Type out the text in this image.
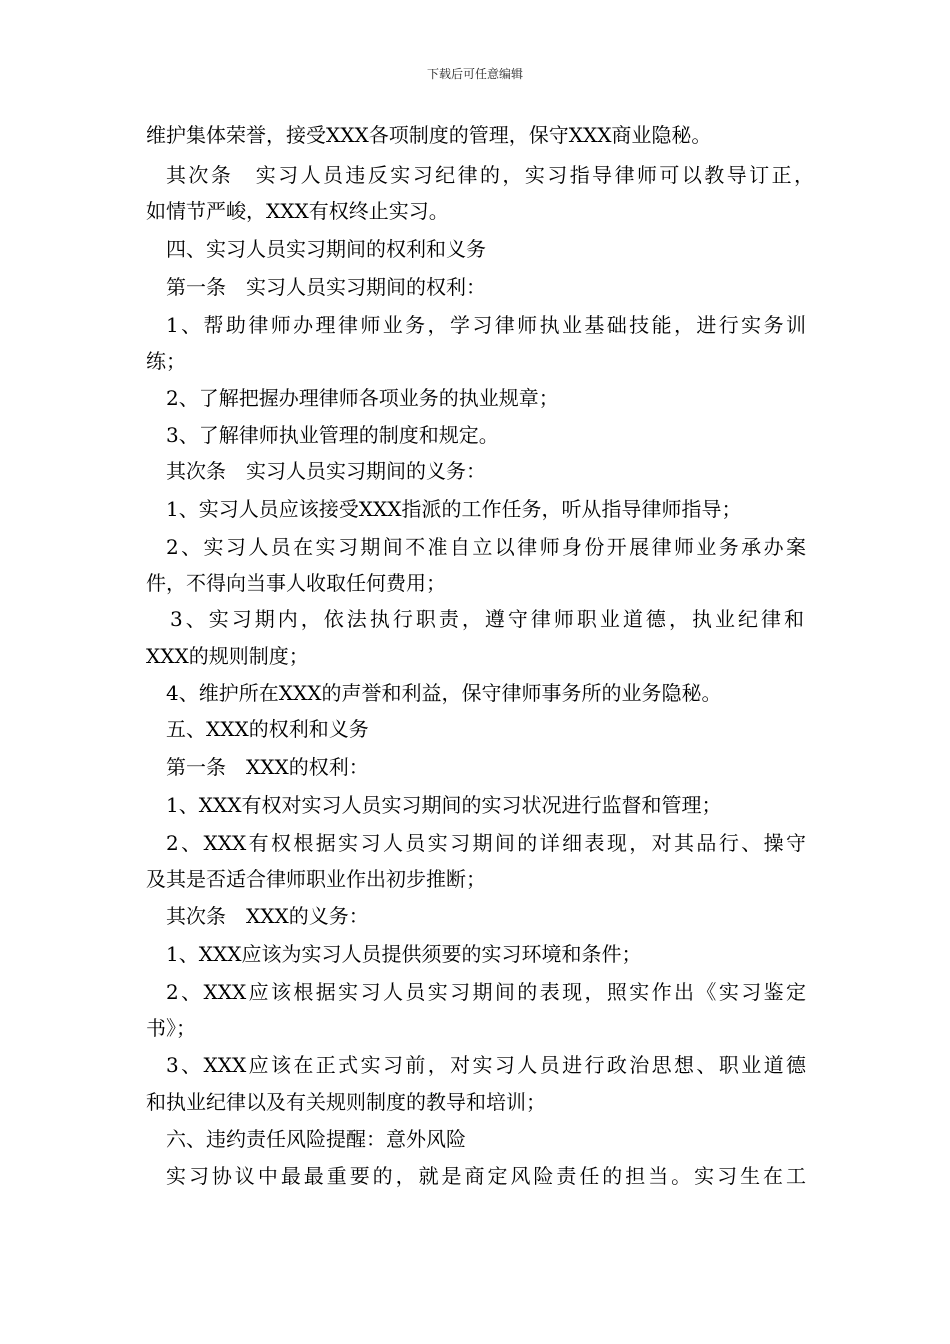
下载后可任意编辑
维护集体荣誉，接受XXX各项制度的管理，保守XXX商业隐秘。
其次条　实习人员违反实习纪律的，实习指导律师可以教导订正，
如情节严峻，XXX有权终止实习。
四、实习人员实习期间的权利和义务
第一条　实习人员实习期间的权利：
1、帮助律师办理律师业务，学习律师执业基础技能，进行实务训
练；
2、了解把握办理律师各项业务的执业规章；
3、了解律师执业管理的制度和规定。
其次条　实习人员实习期间的义务：
1、实习人员应该接受XXX指派的工作任务，听从指导律师指导；
2、实习人员在实习期间不准自立以律师身份开展律师业务承办案
件，不得向当事人收取任何费用；
3、实习期内，依法执行职责，遵守律师职业道德，执业纪律和
XXX的规则制度；
4、维护所在XXX的声誉和利益，保守律师事务所的业务隐秘。
五、XXX的权利和义务
第一条　XXX的权利：
1、XXX有权对实习人员实习期间的实习状况进行监督和管理；
2、XXX有权根据实习人员实习期间的详细表现，对其品行、操守
及其是否适合律师职业作出初步推断；
其次条　XXX的义务：
1、XXX应该为实习人员提供须要的实习环境和条件；
2、XXX应该根据实习人员实习期间的表现，照实作出《实习鉴定
书》；
3、XXX应该在正式实习前，对实习人员进行政治思想、职业道德
和执业纪律以及有关规则制度的教导和培训；
六、违约责任风险提醒：意外风险
实习协议中最最重要的，就是商定风险责任的担当。实习生在工
